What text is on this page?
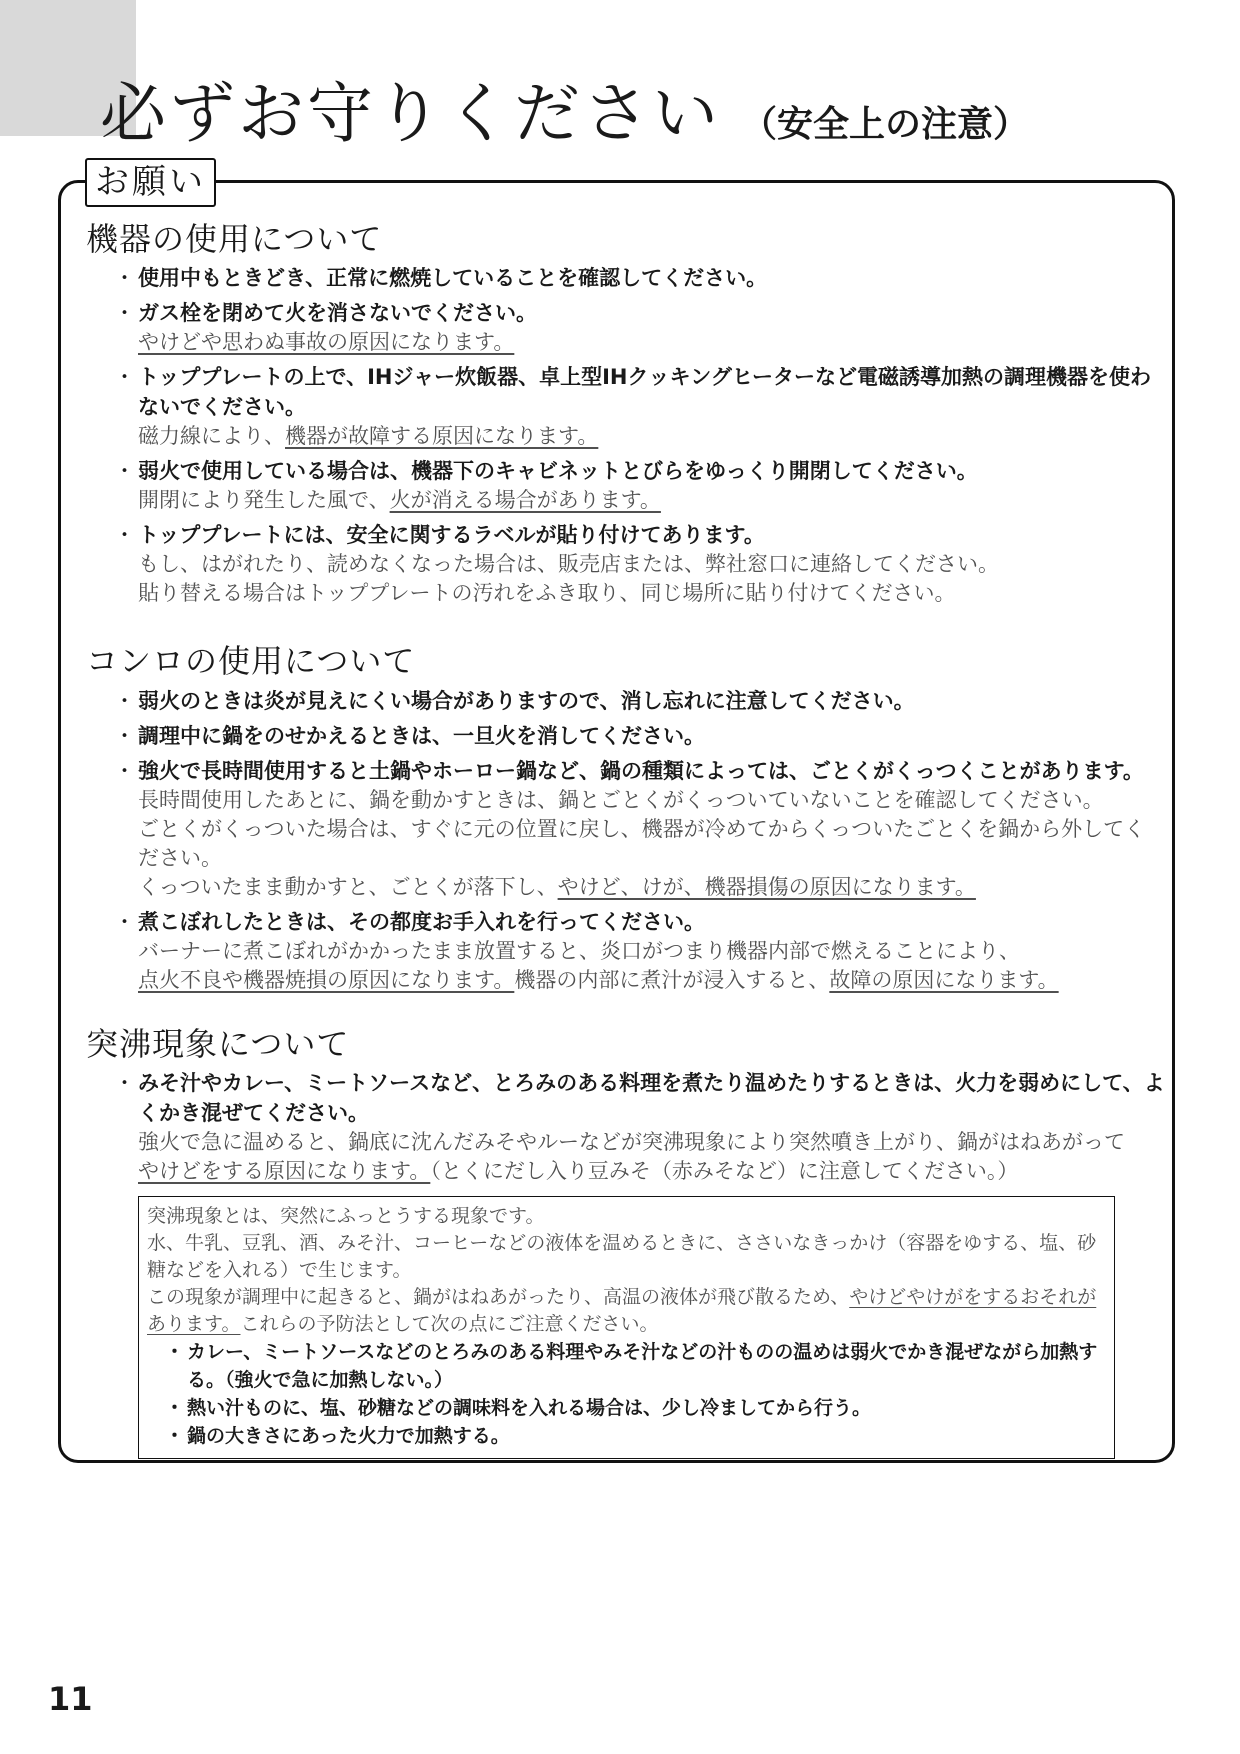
必ずお守りください （安全上の注意）
お願い
機器の使用について
・ 使用中もときどき、正常に燃焼していることを確認してください。
・ ガス栓を閉めて火を消さないでください。
やけどや思わぬ事故の原因になります。
・ トッププレートの上で、IHジャー炊飯器、卓上型IHクッキングヒーターなど電磁誘導加熱の調理機器を使わないでください。
磁力線により、機器が故障する原因になります。
・ 弱火で使用している場合は、機器下のキャビネットとびらをゆっくり開閉してください。
開閉により発生した風で、火が消える場合があります。
・ トッププレートには、安全に関するラベルが貼り付けてあります。
もし、はがれたり、読めなくなった場合は、販売店または、弊社窓口に連絡してください。
貼り替える場合はトッププレートの汚れをふき取り、同じ場所に貼り付けてください。
コンロの使用について
・ 弱火のときは炎が見えにくい場合がありますので、消し忘れに注意してください。
・ 調理中に鍋をのせかえるときは、一旦火を消してください。
・ 強火で長時間使用すると土鍋やホーロー鍋など、鍋の種類によっては、ごとくがくっつくことがあります。
長時間使用したあとに、鍋を動かすときは、鍋とごとくがくっついていないことを確認してください。
ごとくがくっついた場合は、すぐに元の位置に戻し、機器が冷めてからくっついたごとくを鍋から外してください。
くっついたまま動かすと、ごとくが落下し、やけど、けが、機器損傷の原因になります。
・ 煮こぼれしたときは、その都度お手入れを行ってください。
バーナーに煮こぼれがかかったまま放置すると、炎口がつまり機器内部で燃えることにより、
点火不良や機器焼損の原因になります。機器の内部に煮汁が浸入すると、故障の原因になります。
突沸現象について
・ みそ汁やカレー、ミートソースなど、とろみのある料理を煮たり温めたりするときは、火力を弱めにして、よくかき混ぜてください。
強火で急に温めると、鍋底に沈んだみそやルーなどが突沸現象により突然噴き上がり、鍋がはねあがって
やけどをする原因になります。（とくにだし入り豆みそ（赤みそなど）に注意してください。）
突沸現象とは、突然にふっとうする現象です。
水、牛乳、豆乳、酒、みそ汁、コーヒーなどの液体を温めるときに、ささいなきっかけ（容器をゆする、塩、砂糖などを入れる）で生じます。
この現象が調理中に起きると、鍋がはねあがったり、高温の液体が飛び散るため、やけどやけがをするおそれがあります。これらの予防法として次の点にご注意ください。
・ カレー、ミートソースなどのとろみのある料理やみそ汁などの汁ものの温めは弱火でかき混ぜながら加熱する。（強火で急に加熱しない。）
・ 熱い汁ものに、塩、砂糖などの調味料を入れる場合は、少し冷ましてから行う。
・ 鍋の大きさにあった火力で加熱する。
11
